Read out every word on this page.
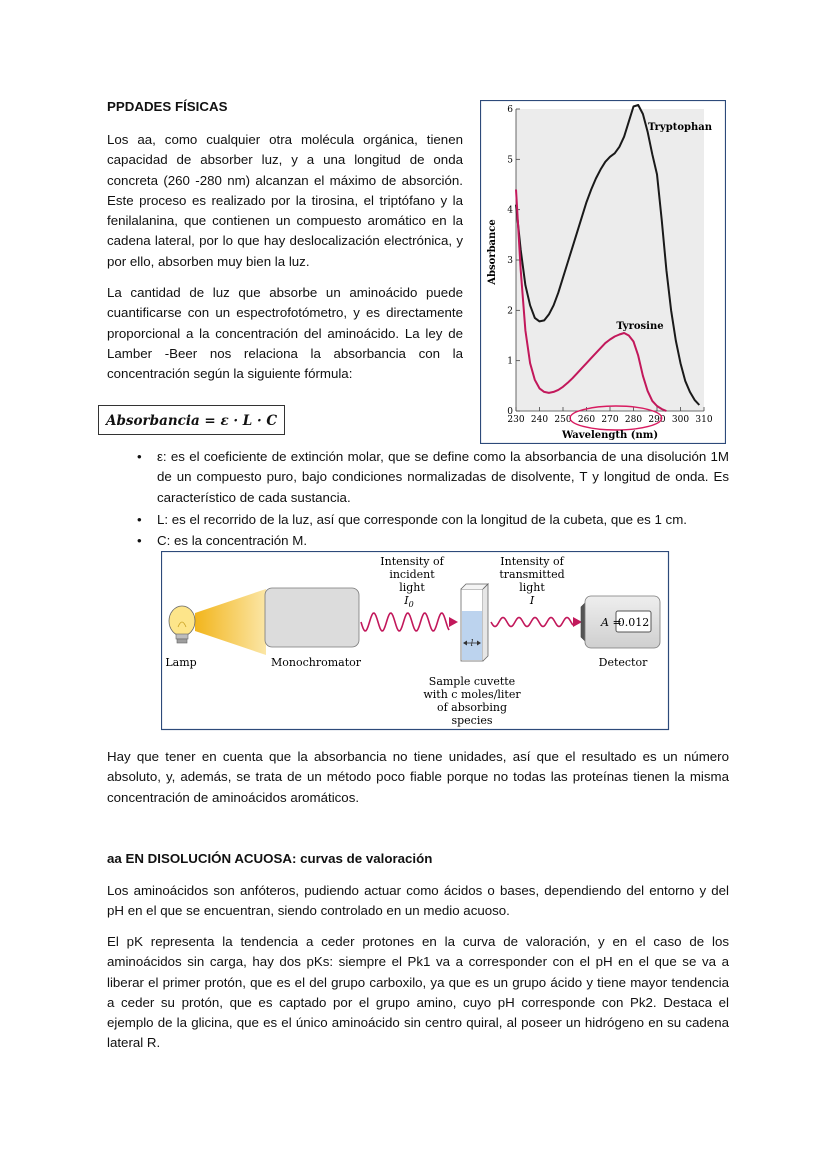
PPDADES FÍSICAS

Los aa, como cualquier otra molécula orgánica, tienen capacidad de absorber luz, y a una longitud de onda concreta (260 -280 nm) alcanzan el máximo de absorción. Este proceso es realizado por la tirosina, el triptófano y la fenilalanina, que contienen un compuesto aromático en la cadena lateral, por lo que hay deslocalización electrónica, y por ello, absorben muy bien la luz.

La cantidad de luz que absorbe un aminoácido puede cuantificarse con un espectrofotómetro, y es directamente proporcional a la concentración del aminoácido. La ley de Lamber -Beer nos relaciona la absorbancia con la concentración según la siguiente fórmula:

Absorbancia = ε · L · C
0
1
2
3
4
5
6
230 240 250 260 270 280 290 300 310
Tryptophan
Tyrosine
Wavelength (nm)
Absorbance
• ε: es el coeficiente de extinción molar, que se define como la absorbancia de una disolución 1M de un compuesto puro, bajo condiciones normalizadas de disolvente, T y longitud de onda. Es característico de cada sustancia.
• L: es el recorrido de la luz, así que corresponde con la longitud de la cubeta, que es 1 cm.
• C: es la concentración M.
Lamp	Monochromator
Intensity of
incident
light
$I_0$
l
Sample cuvette
with c moles/liter
of absorbing
species
Intensity of
transmitted
light
I
A =
0.012
Detector

Hay que tener en cuenta que la absorbancia no tiene unidades, así que el resultado es un número absoluto, y, además, se trata de un método poco fiable porque no todas las proteínas tienen la misma concentración de aminoácidos aromáticos.

aa EN DISOLUCIÓN ACUOSA: curvas de valoración

Los aminoácidos son anfóteros, pudiendo actuar como ácidos o bases, dependiendo del entorno y del pH en el que se encuentran, siendo controlado en un medio acuoso.

El pK representa la tendencia a ceder protones en la curva de valoración, y en el caso de los aminoácidos sin carga, hay dos pKs: siempre el Pk1 va a corresponder con el pH en el que se va a liberar el primer protón, que es el del grupo carboxilo, ya que es un grupo ácido y tiene mayor tendencia a ceder su protón, que es captado por el grupo amino, cuyo pH corresponde con Pk2. Destaca el ejemplo de la glicina, que es el único aminoácido sin centro quiral, al poseer un hidrógeno en su cadena lateral R.
